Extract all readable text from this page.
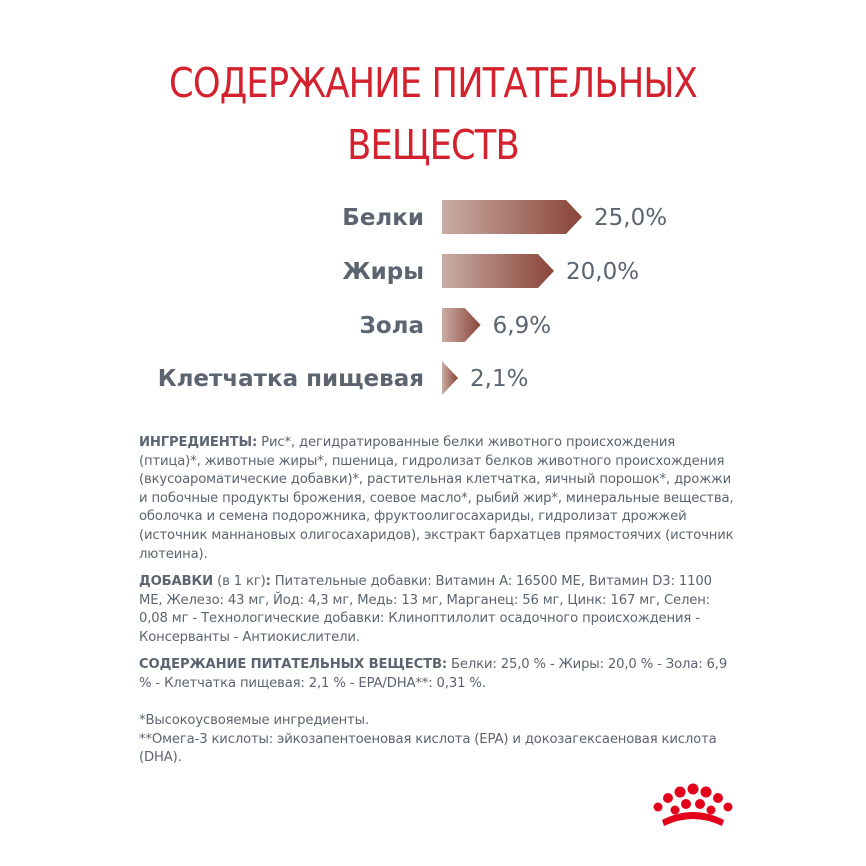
СОДЕРЖАНИЕ ПИТАТЕЛЬНЫХ
ВЕЩЕСТВ
Белки	25,0%
Жиры	20,0%
Зола	6,9%
Клетчатка пищевая 2,1%
ИНГРЕДИЕНТЫ: Рис*, дегидратированные белки животного происхождения (птица)*, животные жиры*, пшеница, гидролизат белков животного происхождения (вкусоароматические добавки)*, растительная клетчатка, яичный порошок*, дрожжи и побочные продукты брожения, соевое масло*, рыбий жир*, минеральные вещества, оболочка и семена подорожника, фруктоолигосахариды, гидролизат дрожжей (источник маннановых олигосахаридов), экстракт бархатцев прямостоячих (источник лютеина).
ДОБАВКИ (в 1 кг): Питательные добавки: Витамин A: 16500 ME, Витамин D3: 1100 ME, Железо: 43 мг, Йод: 4,3 мг, Медь: 13 мг, Марганец: 56 мг, Цинк: 167 мг, Селен: 0,08 мг - Технологические добавки: Клиноптилолит осадочного происхождения - Консерванты - Антиокислители.
СОДЕРЖАНИЕ ПИТАТЕЛЬНЫХ ВЕЩЕСТВ: Белки: 25,0 % - Жиры: 20,0 % - Зола: 6,9 % - Клетчатка пищевая: 2,1 % - EPA/DHA**: 0,31 %.
*Высокоусвояемые ингредиенты.
**Омега-3 кислоты: эйкозапентоеновая кислота (EPA) и докозагексаеновая кислота (DHA).
